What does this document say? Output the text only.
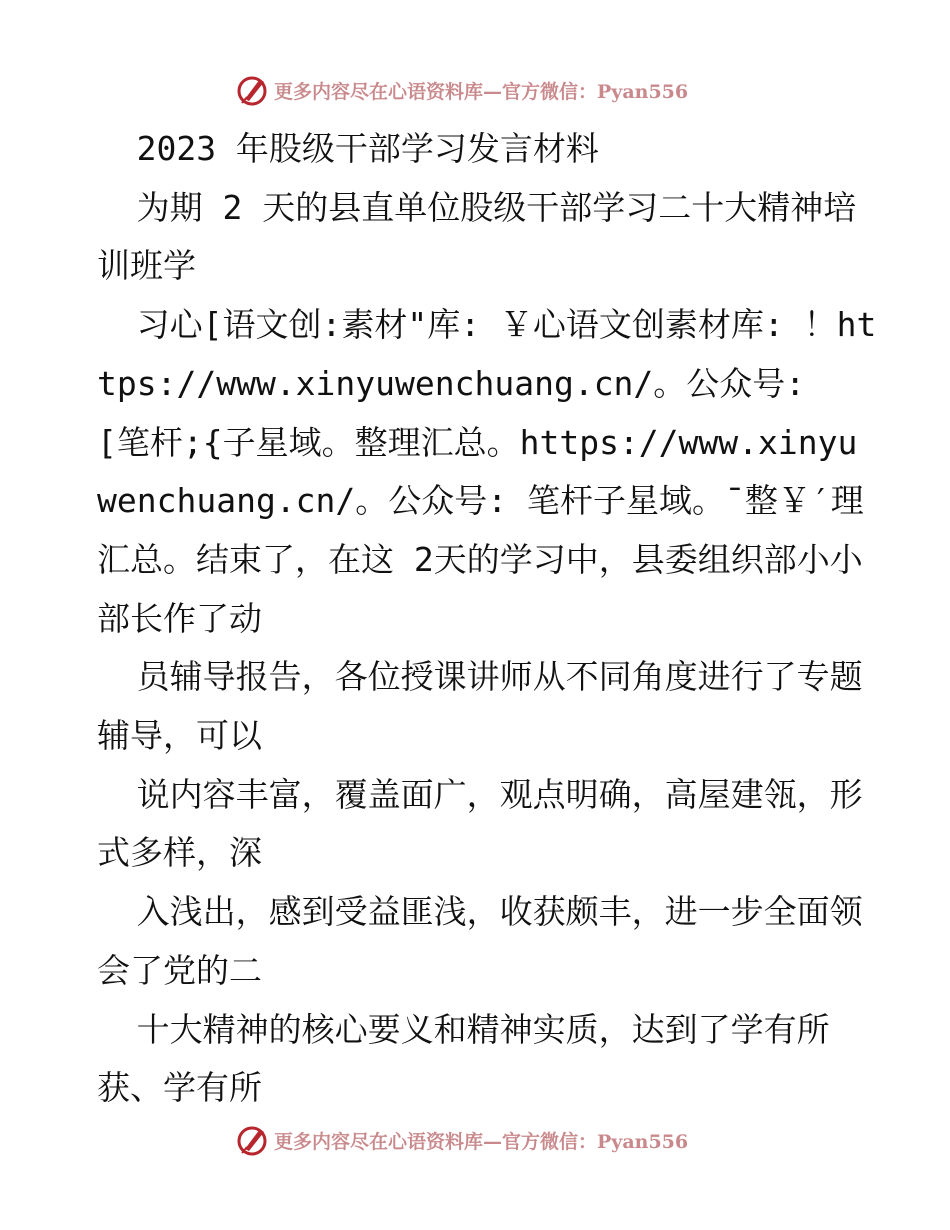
更多内容尽在心语资料库—官方微信：Pyan556

2023 年股级干部学习发言材料

为期 2 天的县直单位股级干部学习二十大精神培训班学

习心[语文创:素材"库: ￥心语文创素材库: ！https://www.xinyuwenchuang.cn/。公众号: [笔杆;{子星域。整理汇总。https://www.xinyuwenchuang.cn/。公众号: 笔杆子星域。¯整￥′理汇总。结束了，在这 2天的学习中，县委组织部小小部长作了动

员辅导报告，各位授课讲师从不同角度进行了专题辅导，可以

说内容丰富，覆盖面广，观点明确，高屋建瓴，形式多样，深

入浅出，感到受益匪浅，收获颇丰，进一步全面领会了党的二

十大精神的核心要义和精神实质，达到了学有所获、学有所

更多内容尽在心语资料库—官方微信：Pyan556
